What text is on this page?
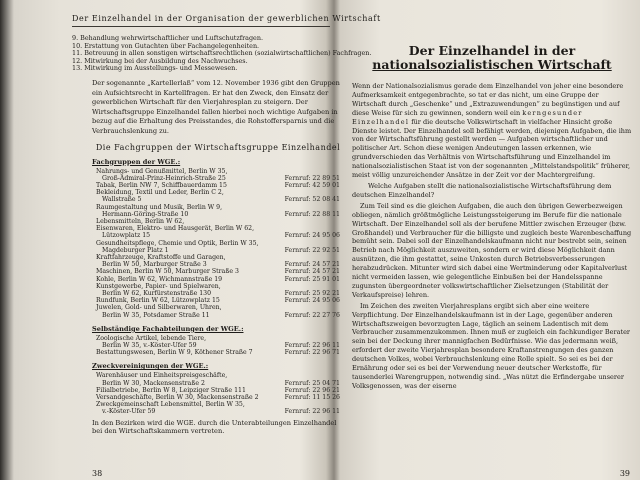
Der Einzelhandel in der Organisation der gewerblichen Wirtschaft
9. Behandlung wehrwirtschaftlicher und Luftschutzfragen.
10. Erstattung von Gutachten über Fachangelegenheiten.
11. Betreuung in allen sonstigen wirtschaftsrechtlichen (sozialwirtschaftlichen) Fachfragen.
12. Mitwirkung bei der Ausbildung des Nachwuchses.
13. Mitwirkung im Ausstellungs- und Messewesen.
Der sogenannte „Kartellerlaß“ vom 12. November 1936 gibt den Gruppen ein Aufsichtsrecht in Kartellfragen. Er hat den Zweck, den Einsatz der gewerblichen Wirtschaft für den Vierjahresplan zu steigern. Der Wirtschaftsgruppe Einzelhandel fallen hierbei noch wichtige Aufgaben in bezug auf die Erhaltung des Preisstandes, die Rohstoffersparnis und die Verbrauchslenkung zu.
Die Fachgruppen der Wirtschaftsgruppe Einzelhandel
Fachgruppen der WGE.:
Nahrungs- und Genußmittel, Berlin W 35,
Groß-Admiral-Prinz-Heinrich-Straße 25	Fernruf: 22 89 51
Tabak, Berlin NW 7, Schiffbauerdamm 15	Fernruf: 42 59 01
Bekleidung, Textil und Leder, Berlin C 2,
Wallstraße 5	Fernruf: 52 08 41
Raumgestaltung und Musik, Berlin W 9,
Hermann-Göring-Straße 10	Fernruf: 22 88 11
Lebensmitteln, Berlin W 62,
Eisenwaren, Elektro- und Hausgerät, Berlin W 62,
Lützowplatz 15	Fernruf: 24 95 06
Gesundheitspflege, Chemie und Optik, Berlin W 35,
Magdeburger Platz 1	Fernruf: 22 92 51
Kraftfahrzeuge, Kraftstoffe und Garagen,
Berlin W 50, Marburger Straße 3	Fernruf: 24 57 21
Maschinen, Berlin W 50, Marburger Straße 3	Fernruf: 24 57 21
Kohle, Berlin W 62, Wichmannstraße 19	Fernruf: 25 91 01
Kunstgewerbe, Papier- und Spielwaren,
Berlin W 62, Kurfürstenstraße 130	Fernruf: 25 92 21
Rundfunk, Berlin W 62, Lützowplatz 15	Fernruf: 24 95 06
Juwelen, Gold- und Silberwaren, Uhren,
Berlin W 35, Potsdamer Straße 11	Fernruf: 22 27 76
Selbständige Fachabteilungen der WGE.:
Zoologische Artikel, lebende Tiere,
Berlin W 35, v.-Köster-Ufer 59	Fernruf: 22 96 11
Bestattungswesen, Berlin W 9, Köthener Straße 7	Fernruf: 22 96 71
Zweckvereinigungen der WGE.:
Warenhäuser und Einheitspreisgeschäfte,
Berlin W 30, Mackensenstraße 2	Fernruf: 25 04 71
Filialbetriebe, Berlin W 8, Leipziger Straße 111	Fernruf: 22 96 21
Versandgeschäfte, Berlin W 30, Mackensenstraße 2	Fernruf: 11 15 26
Zweckgemeinschaft Lebensmittel, Berlin W 35,
v.-Köster-Ufer 59	Fernruf: 22 96 11
In den Bezirken wird die WGE. durch die Unterabteilungen Einzelhandel bei den Wirtschaftskammern vertreten.
38
Der Einzelhandel in der
nationalsozialistischen Wirtschaft

Wenn der Nationalsozialismus gerade dem Einzelhandel von jeher eine besondere Aufmerksamkeit entgegenbrachte, so tat er das nicht, um eine Gruppe der Wirtschaft durch „Geschenke“ und „Extrazuwendungen“ zu begünstigen und auf diese Weise für sich zu gewinnen, sondern weil ein kerngesunder Einzelhandel für die deutsche Volkswirtschaft in vielfacher Hinsicht große Dienste leistet. Der Einzelhandel soll befähigt werden, diejenigen Aufgaben, die ihm von der Wirtschaftsführung gestellt werden — Aufgaben wirtschaftlicher und politischer Art. Schon diese wenigen Andeutungen lassen erkennen, wie grundverschieden das Verhältnis von Wirtschaftsführung und Einzelhandel im nationalsozialistischen Staat ist von der sogenannten „Mittelstandspolitik“ früherer, meist völlig unzureichender Ansätze in der Zeit vor der Machtergreifung.

Welche Aufgaben stellt die nationalsozialistische Wirtschaftsführung dem deutschen Einzelhandel?

Zum Teil sind es die gleichen Aufgaben, die auch den übrigen Gewerbezweigen obliegen, nämlich größtmögliche Leistungssteigerung im Berufe für die nationale Wirtschaft. Der Einzelhandel soll als der berufene Mittler zwischen Erzeuger (bzw. Großhandel) und Verbraucher für die billigste und zugleich beste Warenbeschaffung bemüht sein. Dabei soll der Einzelhandelskaufmann nicht nur bestrebt sein, seinen Betrieb nach Möglichkeit auszuweiten, sondern er wird diese Möglichkeit dann ausnützen, die ihm gestattet, seine Unkosten durch Betriebsverbesserungen herabzudrücken. Mitunter wird sich dabei eine Wertminderung oder Kapitalverlust nicht vermeiden lassen, wie gelegentliche Einbußen bei der Handelsspanne zugunsten übergeordneter volkswirtschaftlicher Zielsetzungen (Stabilität der Verkaufspreise) lehren.

Im Zeichen des zweiten Vierjahresplans ergibt sich aber eine weitere Verpflichtung. Der Einzelhandelskaufmann ist in der Lage, gegenüber anderen Wirtschaftszweigen bevorzugten Lage, täglich an seinem Ladentisch mit dem Verbraucher zusammenzukommen. Ihnen muß er zugleich ein fachkundiger Berater sein bei der Deckung ihrer mannigfachen Bedürfnisse. Wie das jedermann weiß, erfordert der zweite Vierjahresplan besondere Kraftanstrengungen des ganzen deutschen Volkes, wobei Verbrauchslenkung eine Rolle spielt. So sei es bei der Ernährung oder sei es bei der Verwendung neuer deutscher Werkstoffe, für tausenderlei Warengruppen, notwendig sind. „Was nützt die Erfindergabe unserer Volksgenossen, was der eiserne

39
